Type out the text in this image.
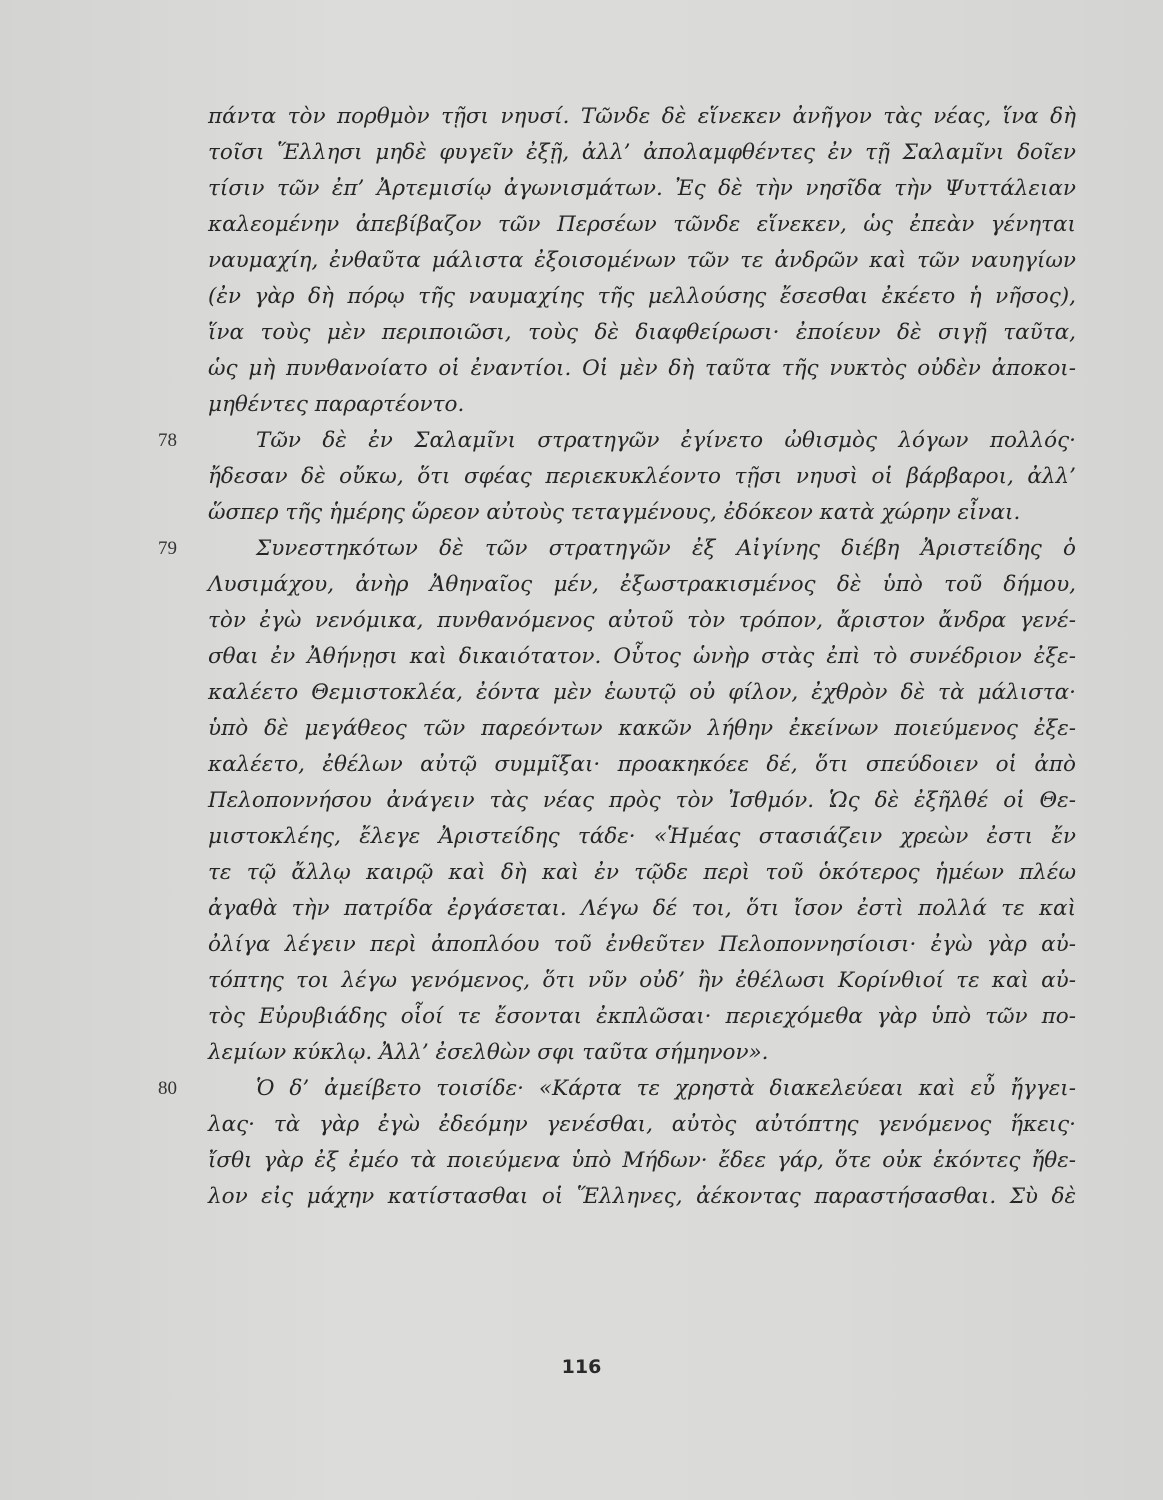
πάντα τὸν πορθμὸν τῇσι νηυσί. Τῶνδε δὲ εἵνεκεν ἀνῆγον τὰς νέας, ἵνα δὴ
τοῖσι Ἕλλησι μηδὲ φυγεῖν ἐξῇ, ἀλλ’ ἀπολαμφθέντες ἐν τῇ Σαλαμῖνι δοῖεν
τίσιν τῶν ἐπ’ Ἀρτεμισίῳ ἀγωνισμάτων. Ἐς δὲ τὴν νησῖδα τὴν Ψυττάλειαν
καλεομένην ἀπεβίβαζον τῶν Περσέων τῶνδε εἵνεκεν, ὡς ἐπεὰν γένηται
ναυμαχίη, ἐνθαῦτα μάλιστα ἐξοισομένων τῶν τε ἀνδρῶν καὶ τῶν ναυηγίων
(ἐν γὰρ δὴ πόρῳ τῆς ναυμαχίης τῆς μελλούσης ἔσεσθαι ἐκέετο ἡ νῆσος),
ἵνα τοὺς μὲν περιποιῶσι, τοὺς δὲ διαφθείρωσι· ἐποίευν δὲ σιγῇ ταῦτα,
ὡς μὴ πυνθανοίατο οἱ ἐναντίοι. Οἱ μὲν δὴ ταῦτα τῆς νυκτὸς οὐδὲν ἀποκοι-
μηθέντες παραρτέοντο.
78	Τῶν δὲ ἐν Σαλαμῖνι στρατηγῶν ἐγίνετο ὠθισμὸς λόγων πολλός·
ἤδεσαν δὲ οὔκω, ὅτι σφέας περιεκυκλέοντο τῇσι νηυσὶ οἱ βάρβαροι, ἀλλ’
ὥσπερ τῆς ἡμέρης ὥρεον αὐτοὺς τεταγμένους, ἐδόκεον κατὰ χώρην εἶναι.
79	Συνεστηκότων δὲ τῶν στρατηγῶν ἐξ Αἰγίνης διέβη Ἀριστείδης ὁ
Λυσιμάχου, ἀνὴρ Ἀθηναῖος μέν, ἐξωστρακισμένος δὲ ὑπὸ τοῦ δήμου,
τὸν ἐγὼ νενόμικα, πυνθανόμενος αὐτοῦ τὸν τρόπον, ἄριστον ἄνδρα γενέ-
σθαι ἐν Ἀθήνῃσι καὶ δικαιότατον. Οὗτος ὡνὴρ στὰς ἐπὶ τὸ συνέδριον ἐξε-
καλέετο Θεμιστοκλέα, ἐόντα μὲν ἑωυτῷ οὐ φίλον, ἐχθρὸν δὲ τὰ μάλιστα·
ὑπὸ δὲ μεγάθεος τῶν παρεόντων κακῶν λήθην ἐκείνων ποιεύμενος ἐξε-
καλέετο, ἐθέλων αὐτῷ συμμῖξαι· προακηκόεε δέ, ὅτι σπεύδοιεν οἱ ἀπὸ
Πελοποννήσου ἀνάγειν τὰς νέας πρὸς τὸν Ἰσθμόν. Ὡς δὲ ἐξῆλθέ οἱ Θε-
μιστοκλέης, ἔλεγε Ἀριστείδης τάδε· «Ἡμέας στασιάζειν χρεὼν ἐστι ἔν
τε τῷ ἄλλῳ καιρῷ καὶ δὴ καὶ ἐν τῷδε περὶ τοῦ ὁκότερος ἡμέων πλέω
ἀγαθὰ τὴν πατρίδα ἐργάσεται. Λέγω δέ τοι, ὅτι ἴσον ἐστὶ πολλά τε καὶ
ὀλίγα λέγειν περὶ ἀποπλόου τοῦ ἐνθεῦτεν Πελοποννησίοισι· ἐγὼ γὰρ αὐ-
τόπτης τοι λέγω γενόμενος, ὅτι νῦν οὐδ’ ἢν ἐθέλωσι Κορίνθιοί τε καὶ αὐ-
τὸς Εὐρυβιάδης οἷοί τε ἔσονται ἐκπλῶσαι· περιεχόμεθα γὰρ ὑπὸ τῶν πο-
λεμίων κύκλῳ. Ἀλλ’ ἐσελθὼν σφι ταῦτα σήμηνον».
80	Ὁ δ’ ἀμείβετο τοισίδε· «Κάρτα τε χρηστὰ διακελεύεαι καὶ εὖ ἤγγει-
λας· τὰ γὰρ ἐγὼ ἐδεόμην γενέσθαι, αὐτὸς αὐτόπτης γενόμενος ἥκεις·
ἴσθι γὰρ ἐξ ἐμέο τὰ ποιεύμενα ὑπὸ Μήδων· ἔδεε γάρ, ὅτε οὐκ ἑκόντες ἤθε-
λον εἰς μάχην κατίστασθαι οἱ Ἕλληνες, ἀέκοντας παραστήσασθαι. Σὺ δὲ
116
